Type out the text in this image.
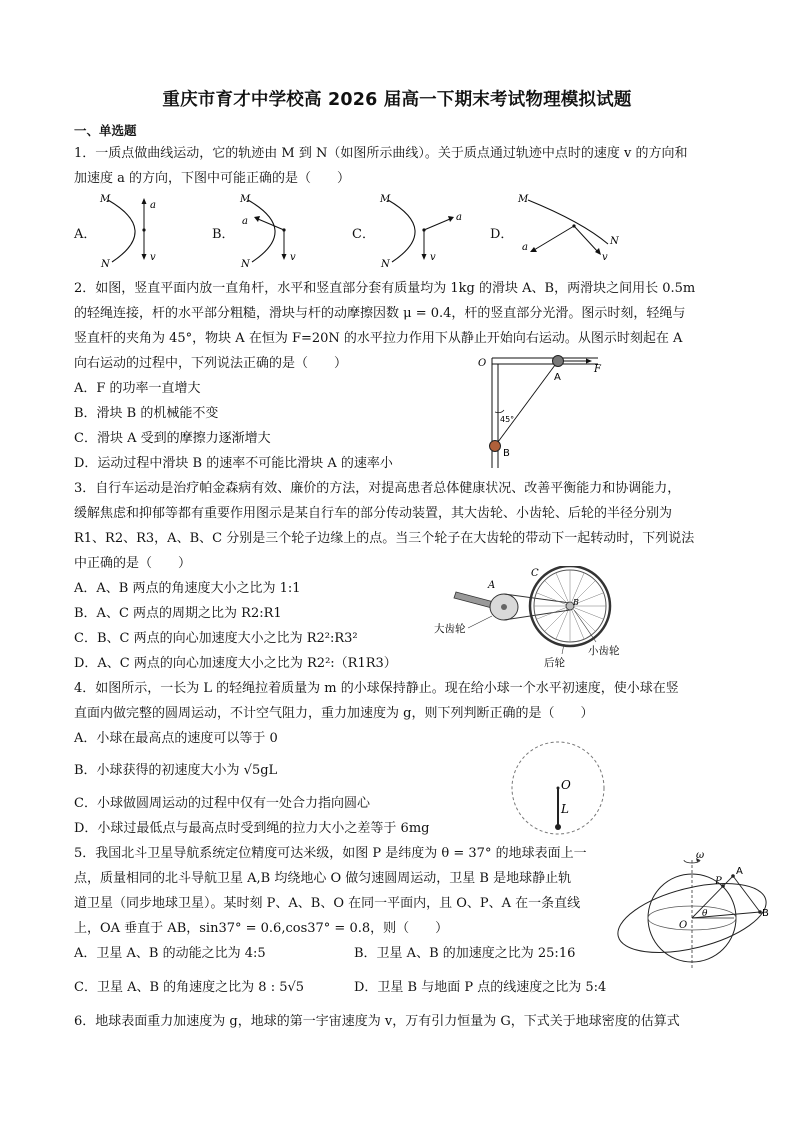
重庆市育才中学校高 2026 届高一下期末考试物理模拟试题
一、单选题
1．一质点做曲线运动，它的轨迹由 M 到 N（如图所示曲线）。关于质点通过轨迹中点时的速度 v 的方向和
加速度 a 的方向，下图中可能正确的是（　　）
A．	B．	C．	D．
M
N
a
v
M
N
a
v
M
N
a
v
M
N
a
v
2．如图，竖直平面内放一直角杆，水平和竖直部分套有质量均为 1kg 的滑块 A、B，两滑块之间用长 0.5m
的轻绳连接，杆的水平部分粗糙，滑块与杆的动摩擦因数 μ = 0.4，杆的竖直部分光滑。图示时刻，轻绳与
竖直杆的夹角为 45°，物块 A 在恒为 F=20N 的水平拉力作用下从静止开始向右运动。从图示时刻起在 A
向右运动的过程中，下列说法正确的是（　　）
A．F 的功率一直增大
B．滑块 B 的机械能不变
C．滑块 A 受到的摩擦力逐渐增大
D．运动过程中滑块 B 的速率不可能比滑块 A 的速率小
O
A
F
45°
B
3．自行车运动是治疗帕金森病有效、廉价的方法，对提高患者总体健康状况、改善平衡能力和协调能力，
缓解焦虑和抑郁等都有重要作用图示是某自行车的部分传动装置，其大齿轮、小齿轮、后轮的半径分别为
R1、R2、R3，A、B、C 分别是三个轮子边缘上的点。当三个轮子在大齿轮的带动下一起转动时，下列说法
中正确的是（　　）
A．A、B 两点的角速度大小之比为 1:1
B．A、C 两点的周期之比为 R2:R1
C．B、C 两点的向心加速度大小之比为 R2²:R3²
D．A、C 两点的向心加速度大小之比为 R2²:（R1R3）
A
C
B
大齿轮
小齿轮
后轮
4．如图所示，一长为 L 的轻绳拉着质量为 m 的小球保持静止。现在给小球一个水平初速度，使小球在竖
直面内做完整的圆周运动，不计空气阻力，重力加速度为 g，则下列判断正确的是（　　）
A．小球在最高点的速度可以等于 0
B．小球获得的初速度大小为 √5gL
C．小球做圆周运动的过程中仅有一处合力指向圆心
D．小球过最低点与最高点时受到绳的拉力大小之差等于 6mg
O
L
5．我国北斗卫星导航系统定位精度可达米级，如图 P 是纬度为 θ = 37° 的地球表面上一
点，质量相同的北斗导航卫星 A,B 均绕地心 O 做匀速圆周运动，卫星 B 是地球静止轨
道卫星（同步地球卫星）。某时刻 P、A、B、O 在同一平面内，且 O、P、A 在一条直线
上，OA 垂直于 AB，sin37° = 0.6,cos37° = 0.8，则（　　）
A．卫星 A、B 的动能之比为 4:5	B．卫星 A、B 的加速度之比为 25:16
C．卫星 A、B 的角速度之比为 8 : 5√5	D．卫星 B 与地面 P 点的线速度之比为 5:4
ω
P
A
B
O
θ
6．地球表面重力加速度为 g，地球的第一宇宙速度为 v，万有引力恒量为 G，下式关于地球密度的估算式
